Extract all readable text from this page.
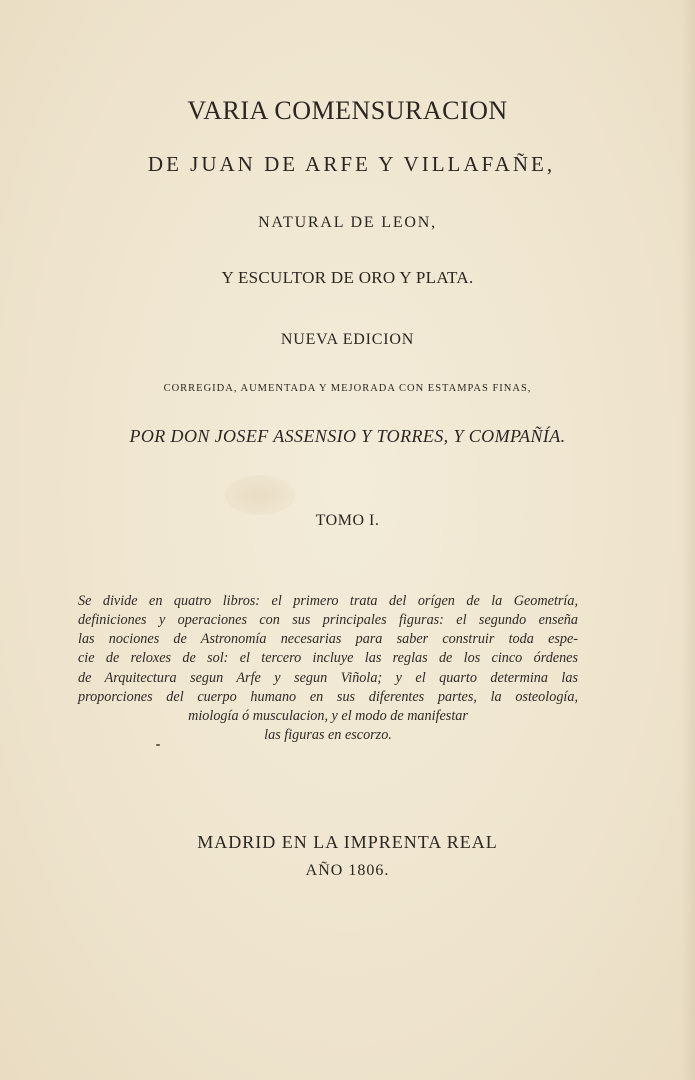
VARIA COMENSURACION
DE JUAN DE ARFE Y VILLAFAÑE,
NATURAL DE LEON,
Y ESCULTOR DE ORO Y PLATA.
NUEVA EDICION
CORREGIDA, AUMENTADA Y MEJORADA CON ESTAMPAS FINAS,
POR DON JOSEF ASSENSIO Y TORRES, Y COMPAÑÍA.
TOMO I.
Se divide en quatro libros: el primero trata del orígen de la Geometría,
definiciones y operaciones con sus principales figuras: el segundo enseña
las nociones de Astronomía necesarias para saber construir toda espe-
cie de reloxes de sol: el tercero incluye las reglas de los cinco órdenes
de Arquitectura segun Arfe y segun Viñola; y el quarto determina las
proporciones del cuerpo humano en sus diferentes partes, la osteología,
miología ó musculacion, y el modo de manifestar
las figuras en escorzo.
MADRID EN LA IMPRENTA REAL
AÑO 1806.
